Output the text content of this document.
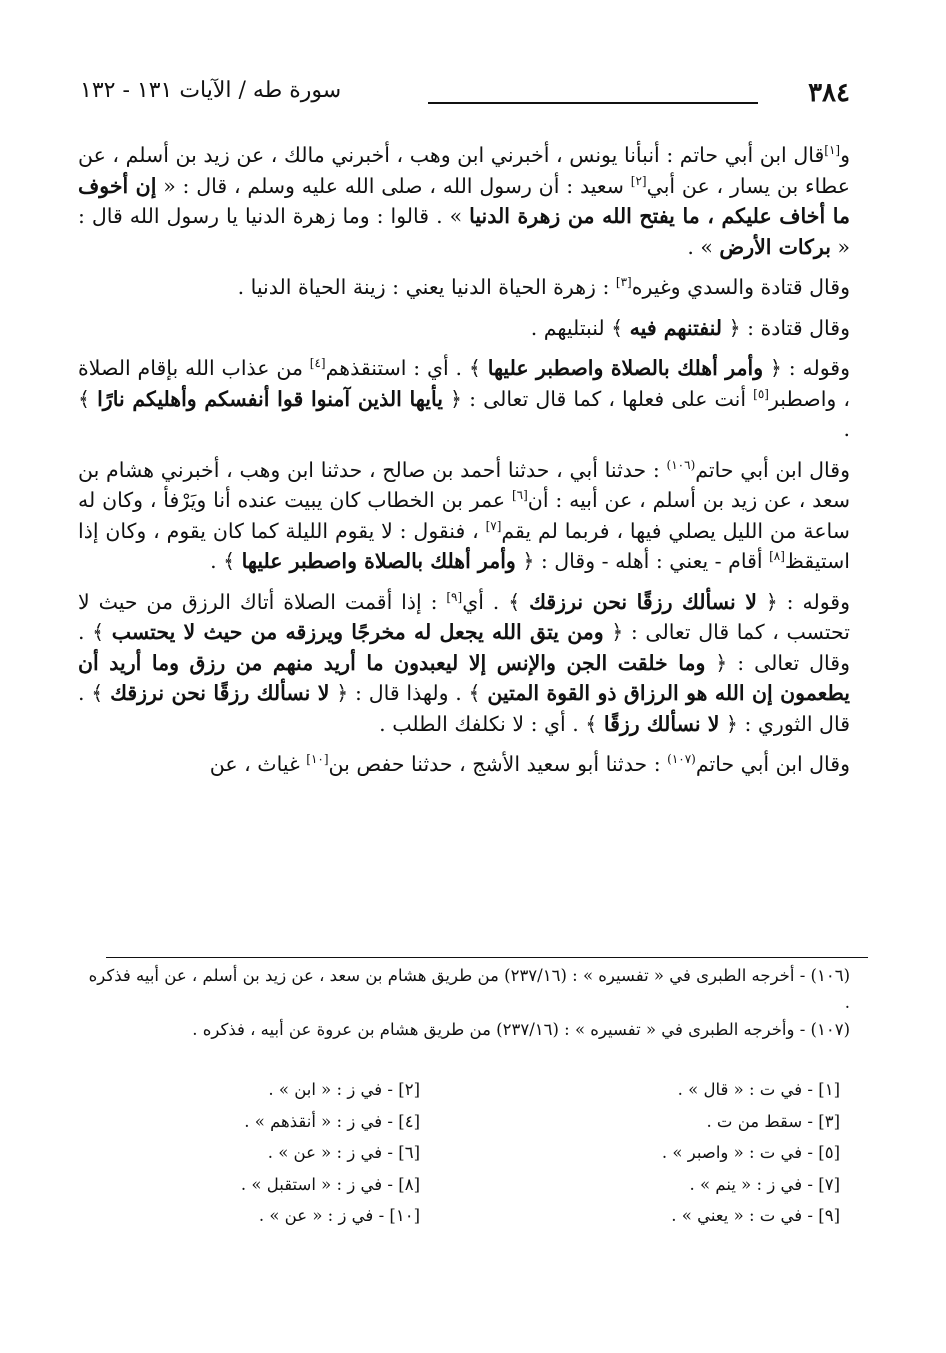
٣٨٤
سورة طه / الآيات ١٣١ - ١٣٢

و[١]قال ابن أبي حاتم : أنبأنا يونس ، أخبرني ابن وهب ، أخبرني مالك ، عن زيد بن أسلم ، عن عطاء بن يسار ، عن أبي[٢] سعيد : أن رسول الله ، صلى الله عليه وسلم ، قال : « إن أخوف ما أخاف عليكم ، ما يفتح الله من زهرة الدنيا » . قالوا : وما زهرة الدنيا يا رسول الله قال : « بركات الأرض » .

وقال قتادة والسدي وغيره[٣] : زهرة الحياة الدنيا يعني : زينة الحياة الدنيا .

وقال قتادة : ﴿ لنفتنهم فيه ﴾ لنبتليهم .

وقوله : ﴿ وأمر أهلك بالصلاة واصطبر عليها ﴾ . أي : استنقذهم[٤] من عذاب الله بإقام الصلاة ، واصطبر[٥] أنت على فعلها ، كما قال تعالى : ﴿ يأيها الذين آمنوا قوا أنفسكم وأهليكم نارًا ﴾ .

وقال ابن أبي حاتم$^{(١٠٦)}$ : حدثنا أبي ، حدثنا أحمد بن صالح ، حدثنا ابن وهب ، أخبرني هشام بن سعد ، عن زيد بن أسلم ، عن أبيه : أن[٦] عمر بن الخطاب كان يبيت عنده أنا ويَرْفأ ، وكان له ساعة من الليل يصلي فيها ، فربما لم يقم[٧] ، فنقول : لا يقوم الليلة كما كان يقوم ، وكان إذا استيقظ[٨] أقام - يعني : أهله - وقال : ﴿ وأمر أهلك بالصلاة واصطبر عليها ﴾ .

وقوله : ﴿ لا نسألك رزقًا نحن نرزقك ﴾ . أي[٩] : إذا أقمت الصلاة أتاك الرزق من حيث لا تحتسب ، كما قال تعالى : ﴿ ومن يتق الله يجعل له مخرجًا ويرزقه من حيث لا يحتسب ﴾ . وقال تعالى : ﴿ وما خلقت الجن والإنس إلا ليعبدون ما أريد منهم من رزق وما أريد أن يطعمون إن الله هو الرزاق ذو القوة المتين ﴾ . ولهذا قال : ﴿ لا نسألك رزقًا نحن نرزقك ﴾ . قال الثوري : ﴿ لا نسألك رزقًا ﴾ . أي : لا نكلفك الطلب .

وقال ابن أبي حاتم$^{(١٠٧)}$ : حدثنا أبو سعيد الأشج ، حدثنا حفص بن[١٠] غياث ، عن

(١٠٦) - أخرجه الطبرى في « تفسيره » : (٢٣٧/١٦) من طريق هشام بن سعد ، عن زيد بن أسلم ، عن أبيه فذكره .

(١٠٧) - وأخرجه الطبرى في « تفسيره » : (٢٣٧/١٦) من طريق هشام بن عروة عن أبيه ، فذكره .

[١] - في ت : « قال » .

[٣] - سقط من ت .

[٥] - في ت : « واصبر » .

[٧] - في ز : « ينم » .

[٩] - في ت : « يعني » .

[٢] - في ز : « ابن » .

[٤] - في ز : « أنقذهم » .

[٦] - في ز : « عن » .

[٨] - في ز : « استقبل » .

[١٠] - في ز : « عن » .
